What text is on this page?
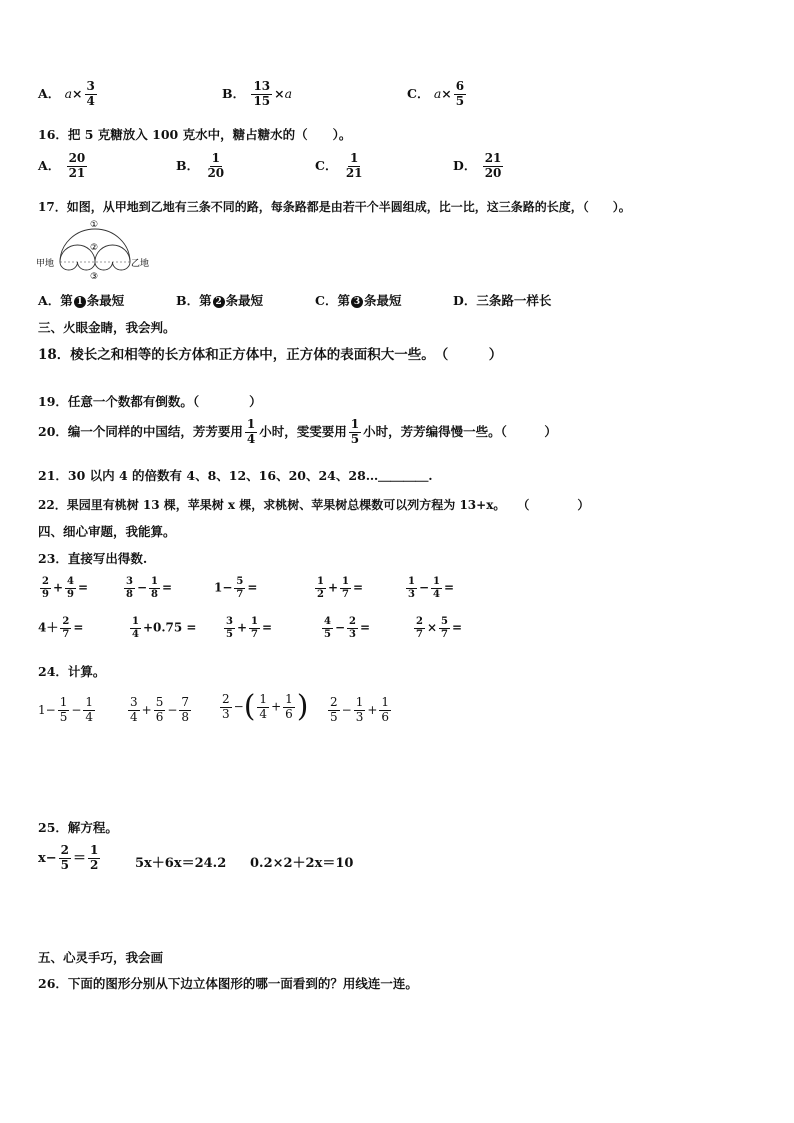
A． $a\times \frac{3}{4}$	B． $\frac{13}{15} \times a$	C． $a\times \frac{6}{5}$
16．把 5 克糖放入 100 克水中，糖占糖水的（　　）。
A． $\frac{20}{21}$	B． $\frac{1}{20}$	C． $\frac{1}{21}$	D． $\frac{21}{20}$
17．如图，从甲地到乙地有三条不同的路，每条路都是由若干个半圆组成，比一比，这三条路的长度，（　　）。
①
②
③
甲地	乙地
A．第 1 条最短	B．第 2 条最短	C．第 3 条最短	D．三条路一样长
三、火眼金睛，我会判。
18．棱长之和相等的长方体和正方体中，正方体的表面积大一些。　（　　　）
19．任意一个数都有倒数。（　　　　）
20．编一个同样的中国结，芳芳要用 $\frac{1}{4}$ 小时，雯雯要用 $\frac{1}{5}$ 小时，芳芳编得慢一些。（　　　）
21．30 以内 4 的倍数有 4、8、12、16、20、24、28…＿＿＿＿.
22．果园里有桃树 13 棵，苹果树 x 棵，求桃树、苹果树总棵数可以列方程为 13+x。　　（　　　　）
四、细心审题，我能算。
23．直接写出得数.
$\frac{2}{9} + \frac{4}{9}$ =	$\frac{3}{8} - \frac{1}{8}$ =	$1- \frac{5}{7}$ =	$\frac{1}{2} + \frac{1}{7}$ =	$\frac{1}{3} - \frac{1}{4}$ =
$4+ \frac{2}{7}$ =	$\frac{1}{4} +0.75$ =	$\frac{3}{5} + \frac{1}{7}$ =	$\frac{4}{5} - \frac{2}{3}$ =	$\frac{2}{7} \times \frac{5}{7}$ =
24．计算。
$1- \frac{1}{5} - \frac{1}{4}$	$\frac{3}{4} + \frac{5}{6} - \frac{7}{8} \frac{2}{3}$ −( $\frac{1}{4} + \frac{1}{6}$ ) $\frac{2}{5} - \frac{1}{3} + \frac{1}{6}$
25．解方程。
$x- \frac{2}{5} = \frac{1}{2}$	5x＋6x＝24.2 0.2×2＋2x＝10
五、心灵手巧，我会画
26．下面的图形分别从下边立体图形的哪一面看到的？用线连一连。
